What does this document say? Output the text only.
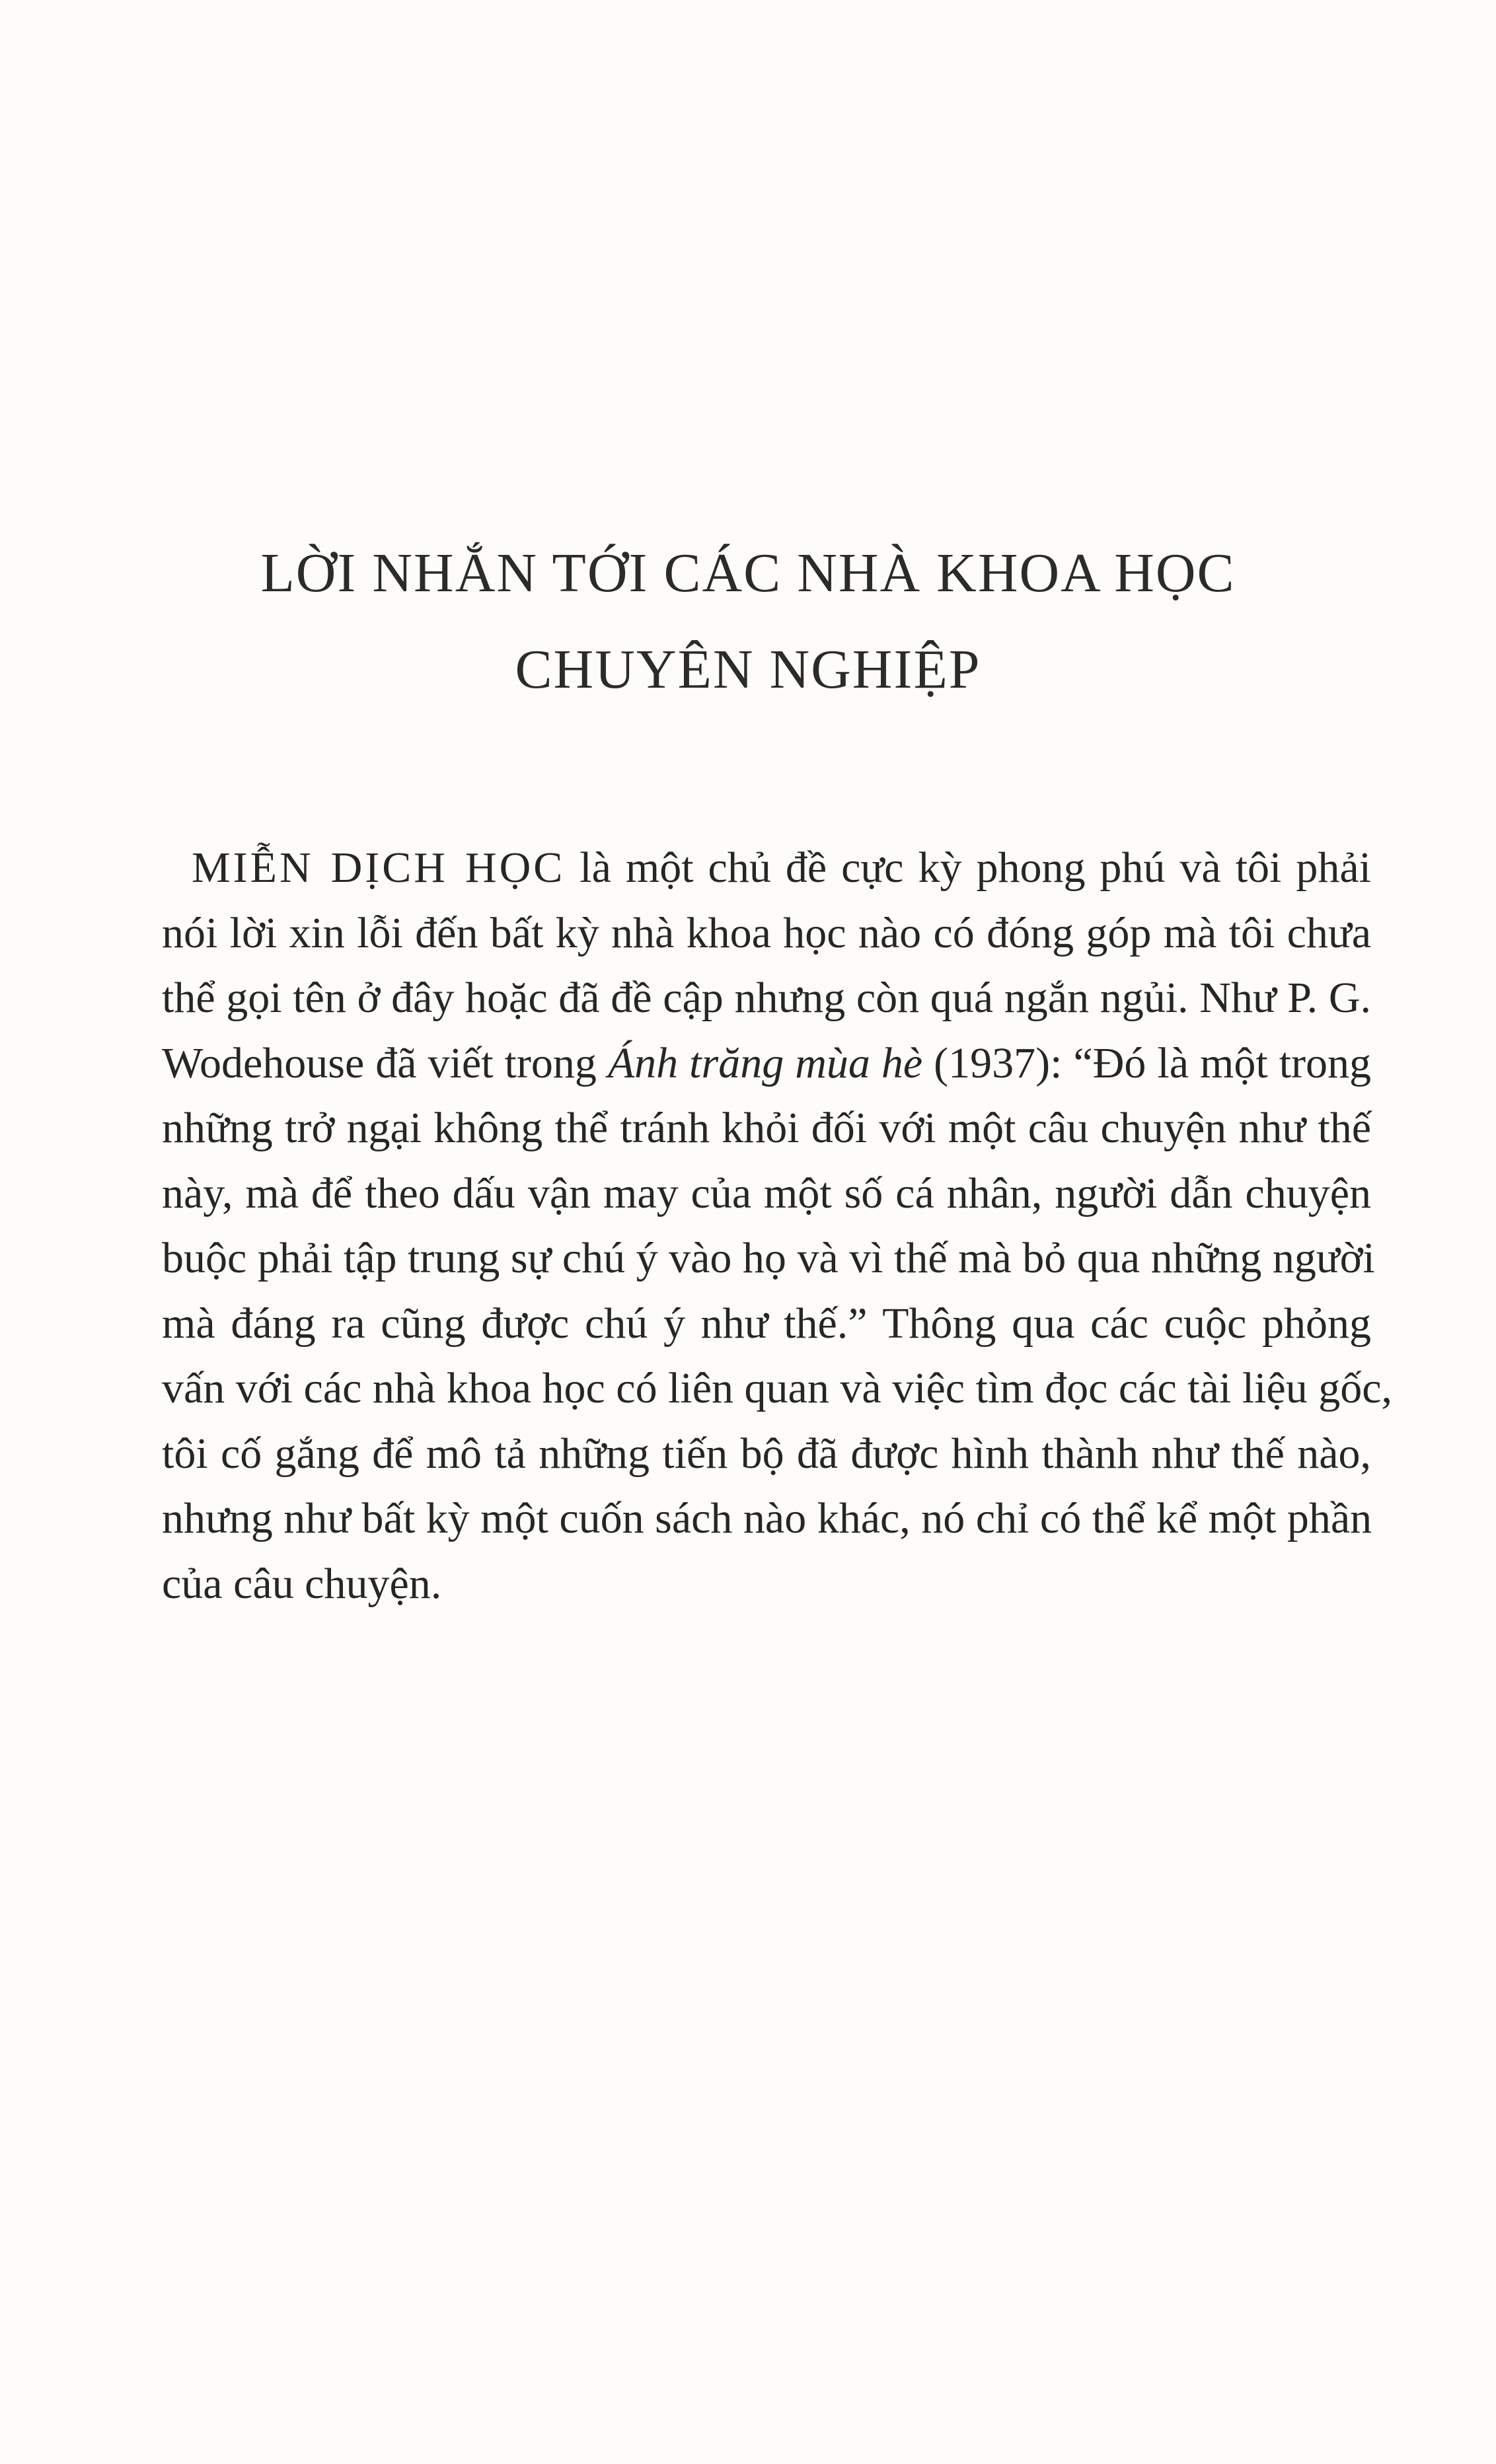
LỜI NHẮN TỚI CÁC NHÀ KHOA HỌC
CHUYÊN NGHIỆP
MIỄN DỊCH HỌC là một chủ đề cực kỳ phong phú và tôi phải
nói lời xin lỗi đến bất kỳ nhà khoa học nào có đóng góp mà tôi chưa
thể gọi tên ở đây hoặc đã đề cập nhưng còn quá ngắn ngủi. Như P. G.
Wodehouse đã viết trong Ánh trăng mùa hè (1937): “Đó là một trong
những trở ngại không thể tránh khỏi đối với một câu chuyện như thế
này, mà để theo dấu vận may của một số cá nhân, người dẫn chuyện
buộc phải tập trung sự chú ý vào họ và vì thế mà bỏ qua những người
mà đáng ra cũng được chú ý như thế.” Thông qua các cuộc phỏng
vấn với các nhà khoa học có liên quan và việc tìm đọc các tài liệu gốc,
tôi cố gắng để mô tả những tiến bộ đã được hình thành như thế nào,
nhưng như bất kỳ một cuốn sách nào khác, nó chỉ có thể kể một phần
của câu chuyện.
